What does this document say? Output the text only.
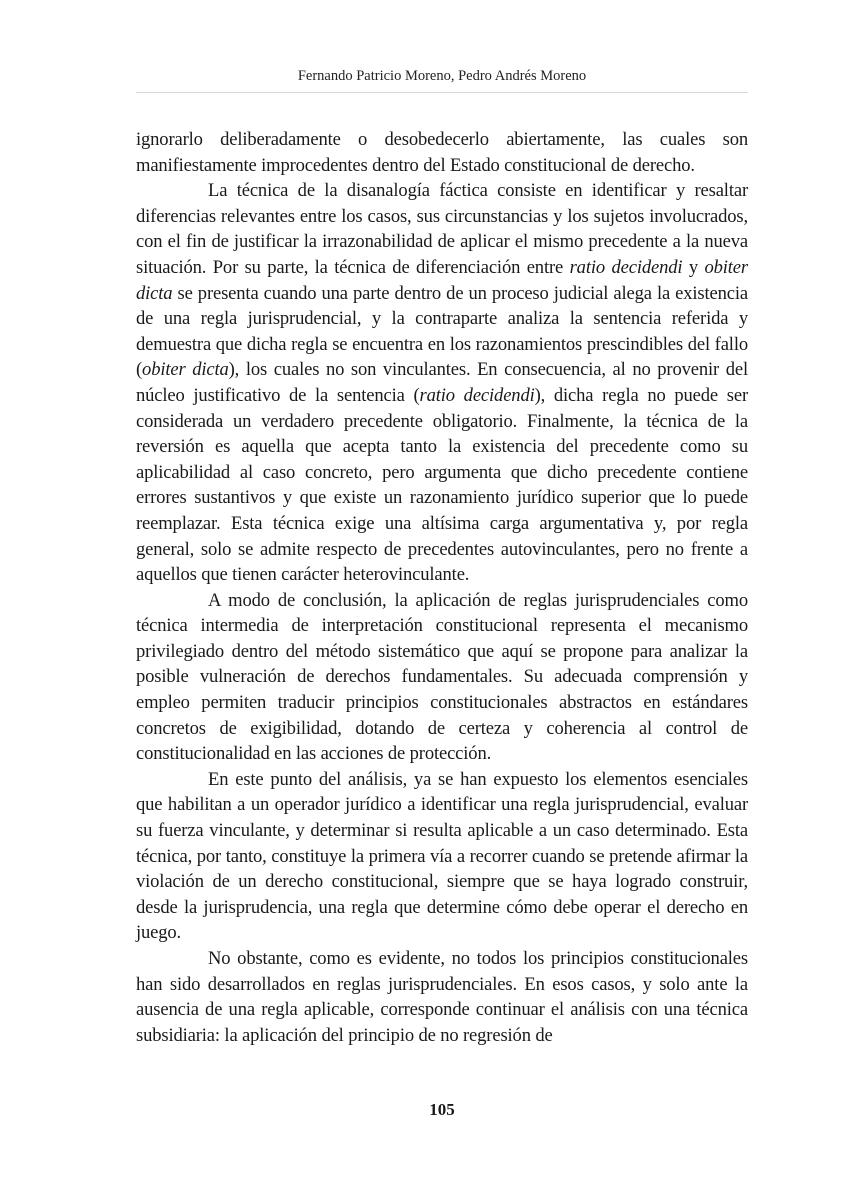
Fernando Patricio Moreno, Pedro Andrés Moreno

ignorarlo deliberadamente o desobedecerlo abiertamente, las cuales son manifiestamente improcedentes dentro del Estado constitucional de derecho.

La técnica de la disanalogía fáctica consiste en identificar y resaltar diferencias relevantes entre los casos, sus circunstancias y los sujetos involucrados, con el fin de justificar la irrazonabilidad de aplicar el mismo precedente a la nueva situación. Por su parte, la técnica de diferenciación entre ratio decidendi y obiter dicta se presenta cuando una parte dentro de un proceso judicial alega la existencia de una regla jurisprudencial, y la contraparte analiza la sentencia referida y demuestra que dicha regla se encuentra en los razonamientos prescindibles del fallo (obiter dicta), los cuales no son vinculantes. En consecuencia, al no provenir del núcleo justificativo de la sentencia (ratio decidendi), dicha regla no puede ser considerada un verdadero precedente obligatorio. Finalmente, la técnica de la reversión es aquella que acepta tanto la existencia del precedente como su aplicabilidad al caso concreto, pero argumenta que dicho precedente contiene errores sustantivos y que existe un razonamiento jurídico superior que lo puede reemplazar. Esta técnica exige una altísima carga argumentativa y, por regla general, solo se admite respecto de precedentes autovinculantes, pero no frente a aquellos que tienen carácter heterovinculante.

A modo de conclusión, la aplicación de reglas jurisprudenciales como técnica intermedia de interpretación constitucional representa el mecanismo privilegiado dentro del método sistemático que aquí se propone para analizar la posible vulneración de derechos fundamentales. Su adecuada comprensión y empleo permiten traducir principios constitucionales abstractos en estándares concretos de exigibilidad, dotando de certeza y coherencia al control de constitucionalidad en las acciones de protección.

En este punto del análisis, ya se han expuesto los elementos esenciales que habilitan a un operador jurídico a identificar una regla jurisprudencial, evaluar su fuerza vinculante, y determinar si resulta aplicable a un caso determinado. Esta técnica, por tanto, constituye la primera vía a recorrer cuando se pretende afirmar la violación de un derecho constitucional, siempre que se haya logrado construir, desde la jurisprudencia, una regla que determine cómo debe operar el derecho en juego.

No obstante, como es evidente, no todos los principios constitucionales han sido desarrollados en reglas jurisprudenciales. En esos casos, y solo ante la ausencia de una regla aplicable, corresponde continuar el análisis con una técnica subsidiaria: la aplicación del principio de no regresión de

105
